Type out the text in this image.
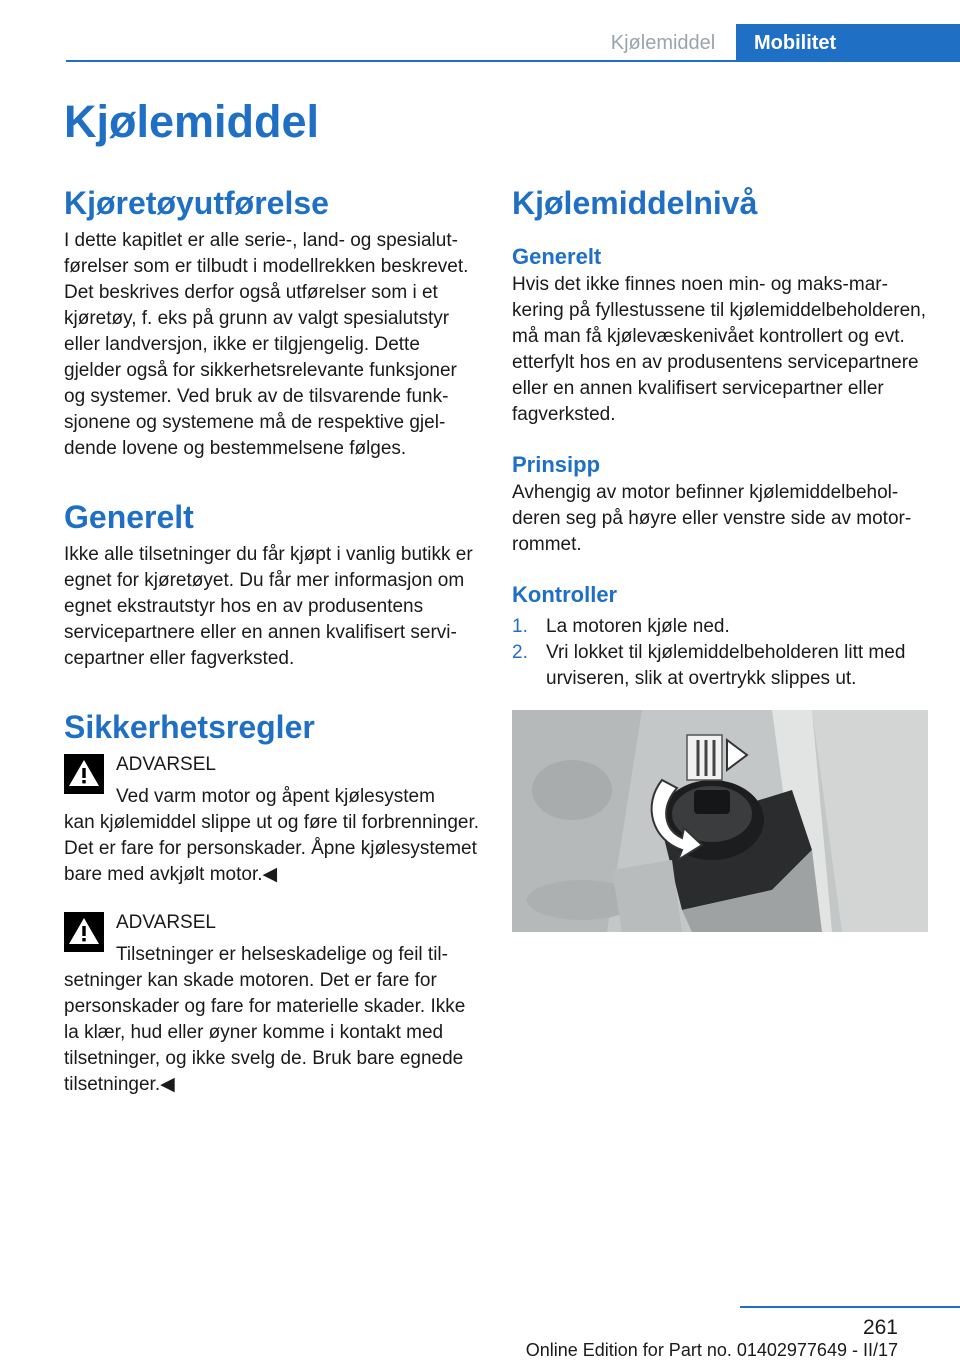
Kjølemiddel	Mobilitet
Kjølemiddel
Kjøretøyutførelse

I dette kapitlet er alle serie-, land- og spesialutførelser som er tilbudt i modellrekken beskrevet. Det beskrives derfor også utførelser som i et kjøretøy, f. eks på grunn av valgt spesialutstyr eller landversjon, ikke er tilgjengelig. Dette gjelder også for sikkerhetsrelevante funksjoner og systemer. Ved bruk av de tilsvarende funksjonene og systemene må de respektive gjeldende lovene og bestemmelsene følges.

Generelt

Ikke alle tilsetninger du får kjøpt i vanlig butikk er egnet for kjøretøyet. Du får mer informasjon om egnet ekstrautstyr hos en av produsentens servicepartnere eller en annen kvalifisert servicepartner eller fagverksted.

Sikkerhetsregler
ADVARSEL

Ved varm motor og åpent kjølesystem

kan kjølemiddel slippe ut og føre til forbrenninger. Det er fare for personskader. Åpne kjølesystemet bare med avkjølt motor.◀

ADVARSEL

Tilsetninger er helseskadelige og feil til-

setninger kan skade motoren. Det er fare for personskader og fare for materielle skader. Ikke la klær, hud eller øyner komme i kontakt med tilsetninger, og ikke svelg de. Bruk bare egnede tilsetninger.◀

Kjølemiddelnivå
Generelt

Hvis det ikke finnes noen min- og maks-markering på fyllestussene til kjølemiddelbeholderen, må man få kjølevæskenivået kontrollert og evt. etterfylt hos en av produsentens servicepartnere eller en annen kvalifisert servicepartner eller fagverksted.

Prinsipp

Avhengig av motor befinner kjølemiddelbeholderen seg på høyre eller venstre side av motorrommet.

Kontroller
1. La motoren kjøle ned.
2. Vri lokket til kjølemiddelbeholderen litt med urviseren, slik at overtrykk slippes ut.
261
Online Edition for Part no. 01402977649 - II/17
